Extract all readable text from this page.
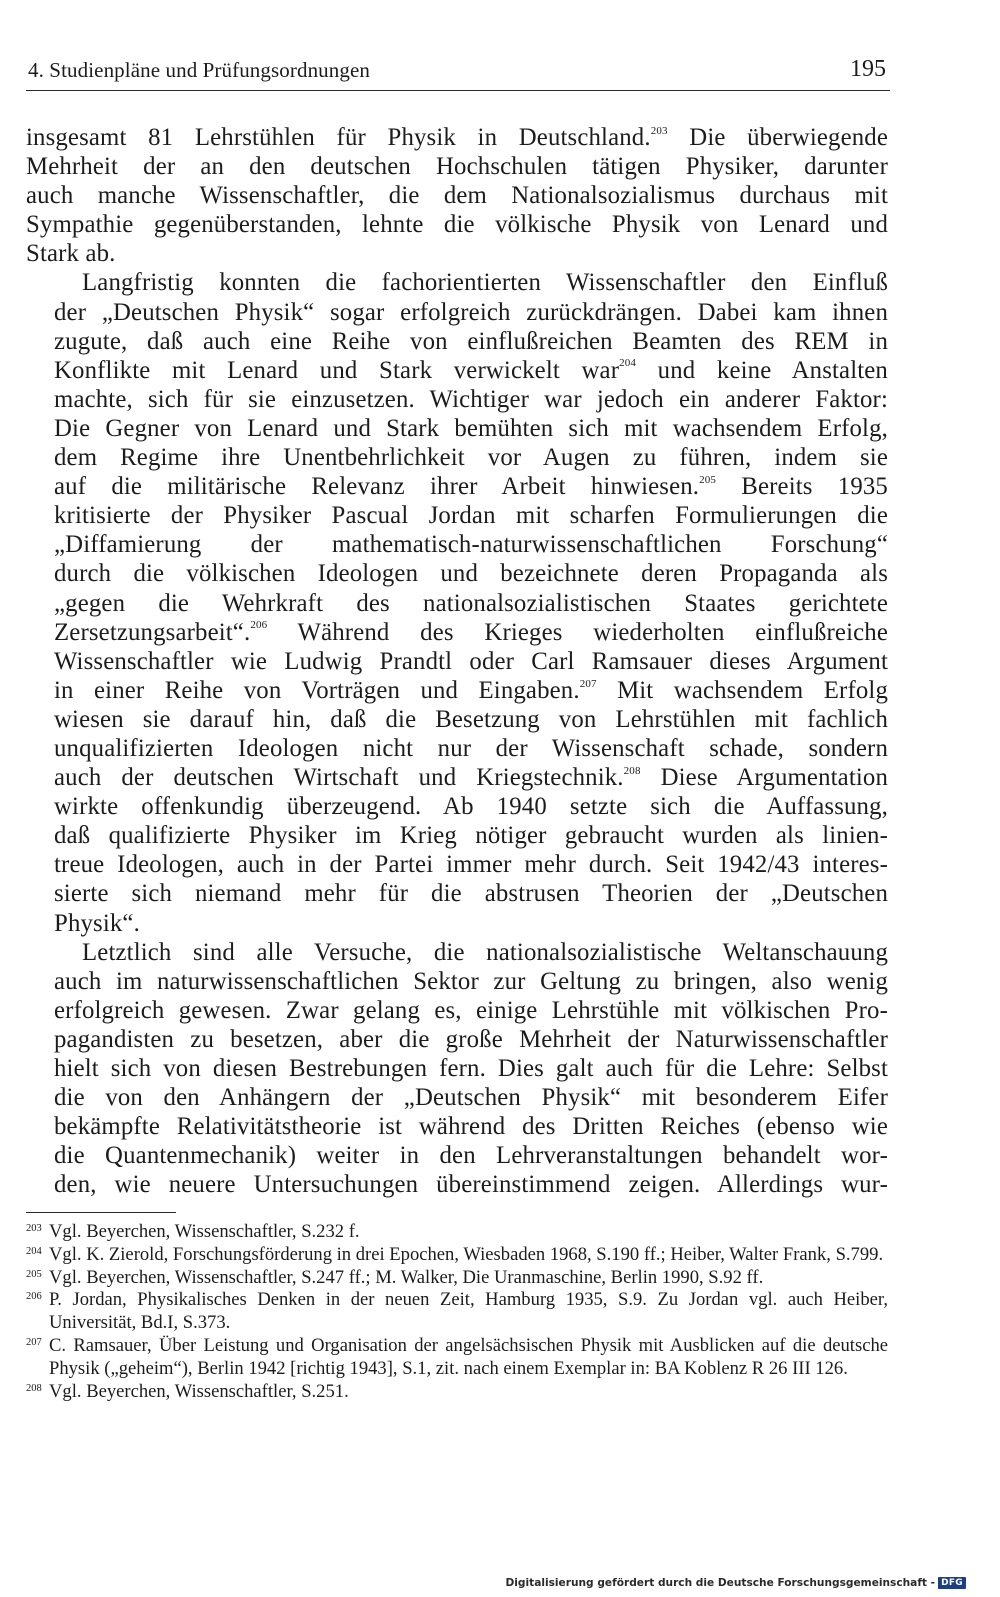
4. Studienpläne und Prüfungsordnungen	195

insgesamt 81 Lehrstühlen für Physik in Deutschland.$^{203}$ Die überwiegende
Mehrheit der an den deutschen Hochschulen tätigen Physiker, darunter
auch manche Wissenschaftler, die dem Nationalsozialismus durchaus mit
Sympathie gegenüberstanden, lehnte die völkische Physik von Lenard und
Stark ab.

Langfristig konnten die fachorientierten Wissenschaftler den Einfluß
der „Deutschen Physik“ sogar erfolgreich zurückdrängen. Dabei kam ihnen
zugute, daß auch eine Reihe von einflußreichen Beamten des REM in
Konflikte mit Lenard und Stark verwickelt war$^{204}$ und keine Anstalten
machte, sich für sie einzusetzen. Wichtiger war jedoch ein anderer Faktor:
Die Gegner von Lenard und Stark bemühten sich mit wachsendem Erfolg,
dem Regime ihre Unentbehrlichkeit vor Augen zu führen, indem sie
auf die militärische Relevanz ihrer Arbeit hinwiesen.$^{205}$ Bereits 1935
kritisierte der Physiker Pascual Jordan mit scharfen Formulierungen die
„Diffamierung der mathematisch-naturwissenschaftlichen Forschung“
durch die völkischen Ideologen und bezeichnete deren Propaganda als
„gegen die Wehrkraft des nationalsozialistischen Staates gerichtete
Zersetzungsarbeit“.$^{206}$ Während des Krieges wiederholten einflußreiche
Wissenschaftler wie Ludwig Prandtl oder Carl Ramsauer dieses Argument
in einer Reihe von Vorträgen und Eingaben.$^{207}$ Mit wachsendem Erfolg
wiesen sie darauf hin, daß die Besetzung von Lehrstühlen mit fachlich
unqualifizierten Ideologen nicht nur der Wissenschaft schade, sondern
auch der deutschen Wirtschaft und Kriegstechnik.$^{208}$ Diese Argumentation
wirkte offenkundig überzeugend. Ab 1940 setzte sich die Auffassung,
daß qualifizierte Physiker im Krieg nötiger gebraucht wurden als linien-
treue Ideologen, auch in der Partei immer mehr durch. Seit 1942/43 interes-
sierte sich niemand mehr für die abstrusen Theorien der „Deutschen
Physik“.

Letztlich sind alle Versuche, die nationalsozialistische Weltanschauung
auch im naturwissenschaftlichen Sektor zur Geltung zu bringen, also wenig
erfolgreich gewesen. Zwar gelang es, einige Lehrstühle mit völkischen Pro-
pagandisten zu besetzen, aber die große Mehrheit der Naturwissenschaftler
hielt sich von diesen Bestrebungen fern. Dies galt auch für die Lehre: Selbst
die von den Anhängern der „Deutschen Physik“ mit besonderem Eifer
bekämpfte Relativitätstheorie ist während des Dritten Reiches (ebenso wie
die Quantenmechanik) weiter in den Lehrveranstaltungen behandelt wor-
den, wie neuere Untersuchungen übereinstimmend zeigen. Allerdings wur-

203 Vgl. Beyerchen, Wissenschaftler, S.232 f.
204 Vgl. K. Zierold, Forschungsförderung in drei Epochen, Wiesbaden 1968, S.190 ff.; Heiber, Walter Frank, S.799.
205 Vgl. Beyerchen, Wissenschaftler, S.247 ff.; M. Walker, Die Uranmaschine, Berlin 1990, S.92 ff.
206 P. Jordan, Physikalisches Denken in der neuen Zeit, Hamburg 1935, S.9. Zu Jordan vgl. auch Heiber, Universität, Bd.I, S.373.
207 C. Ramsauer, Über Leistung und Organisation der angelsächsischen Physik mit Ausblicken auf die deutsche Physik („geheim“), Berlin 1942 [richtig 1943], S.1, zit. nach einem Exemplar in: BA Koblenz R 26 III 126.
208 Vgl. Beyerchen, Wissenschaftler, S.251.
Digitalisierung gefördert durch die Deutsche Forschungsgemeinschaft - DFG
